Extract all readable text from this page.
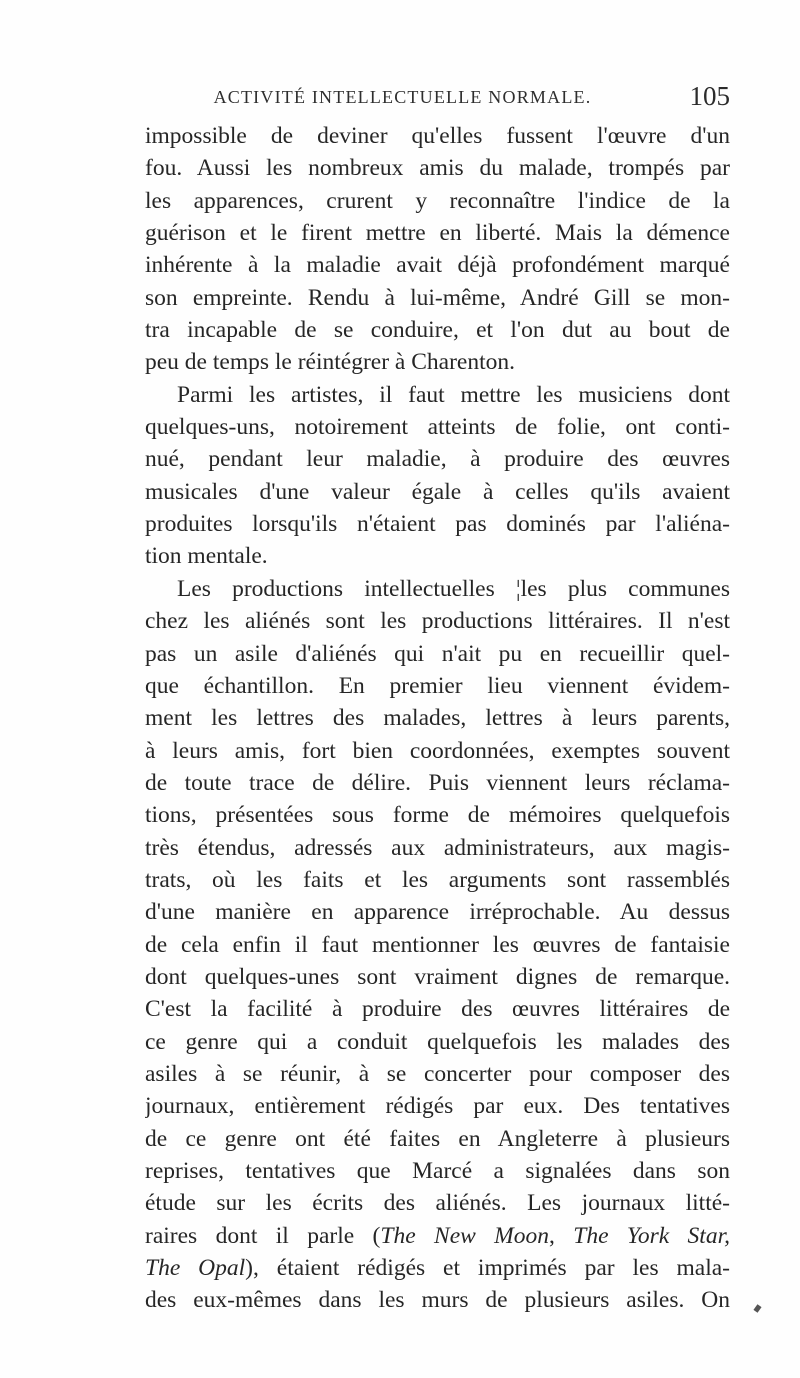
ACTIVITÉ INTELLECTUELLE NORMALE.	105
impossible de deviner qu'elles fussent l'œuvre d'un
fou. Aussi les nombreux amis du malade, trompés par
les apparences, crurent y reconnaître l'indice de la
guérison et le firent mettre en liberté. Mais la démence
inhérente à la maladie avait déjà profondément marqué
son empreinte. Rendu à lui-même, André Gill se mon-
tra incapable de se conduire, et l'on dut au bout de
peu de temps le réintégrer à Charenton.
Parmi les artistes, il faut mettre les musiciens dont
quelques-uns, notoirement atteints de folie, ont conti-
nué, pendant leur maladie, à produire des œuvres
musicales d'une valeur égale à celles qu'ils avaient
produites lorsqu'ils n'étaient pas dominés par l'aliéna-
tion mentale.
Les productions intellectuelles ¦les plus communes
chez les aliénés sont les productions littéraires. Il n'est
pas un asile d'aliénés qui n'ait pu en recueillir quel-
que échantillon. En premier lieu viennent évidem-
ment les lettres des malades, lettres à leurs parents,
à leurs amis, fort bien coordonnées, exemptes souvent
de toute trace de délire. Puis viennent leurs réclama-
tions, présentées sous forme de mémoires quelquefois
très étendus, adressés aux administrateurs, aux magis-
trats, où les faits et les arguments sont rassemblés
d'une manière en apparence irréprochable. Au dessus
de cela enfin il faut mentionner les œuvres de fantaisie
dont quelques-unes sont vraiment dignes de remarque.
C'est la facilité à produire des œuvres littéraires de
ce genre qui a conduit quelquefois les malades des
asiles à se réunir, à se concerter pour composer des
journaux, entièrement rédigés par eux. Des tentatives
de ce genre ont été faites en Angleterre à plusieurs
reprises, tentatives que Marcé a signalées dans son
étude sur les écrits des aliénés. Les journaux litté-
raires dont il parle (The New Moon, The York Star,
The Opal), étaient rédigés et imprimés par les mala-
des eux-mêmes dans les murs de plusieurs asiles. On
